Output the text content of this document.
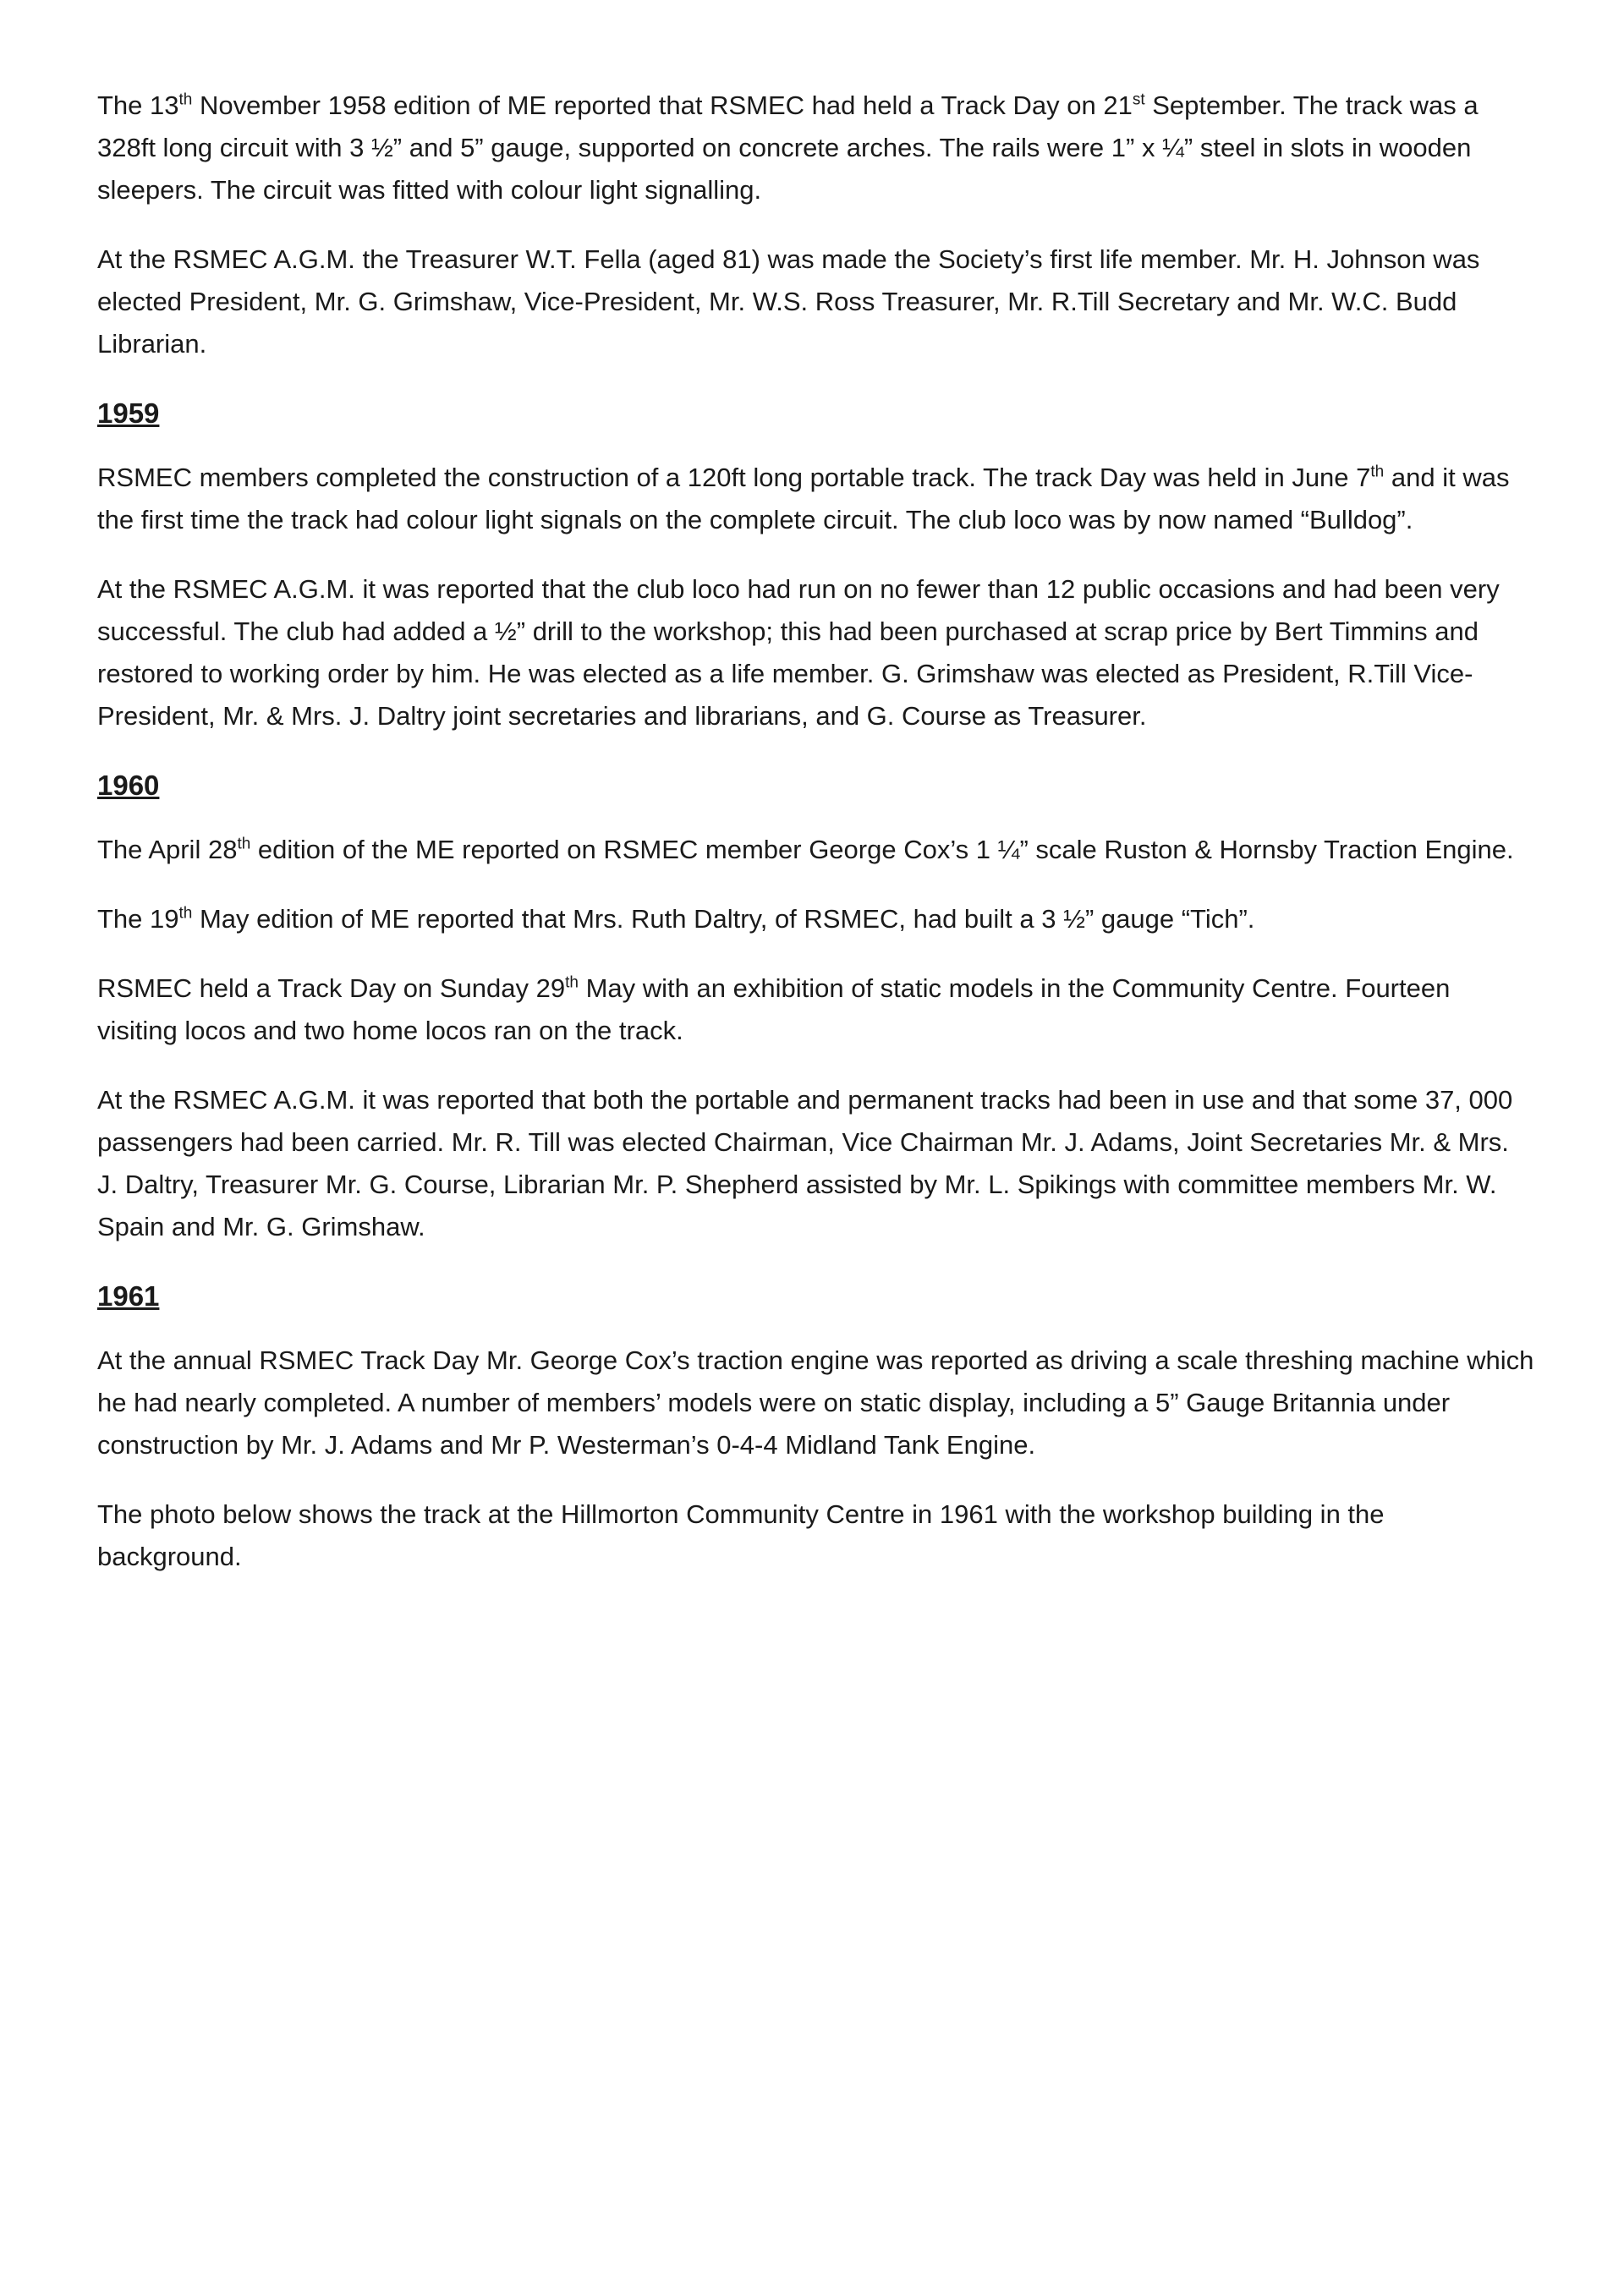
The 13th November 1958 edition of ME reported that RSMEC had held a Track Day on 21st September. The track was a 328ft long circuit with 3 ½” and 5” gauge, supported on concrete arches. The rails were 1” x ¼” steel in slots in wooden sleepers. The circuit was fitted with colour light signalling.

At the RSMEC A.G.M. the Treasurer W.T. Fella (aged 81) was made the Society’s first life member. Mr. H. Johnson was elected President, Mr. G. Grimshaw, Vice-President, Mr. W.S. Ross Treasurer, Mr. R.Till Secretary and Mr. W.C. Budd Librarian.

1959

RSMEC members completed the construction of a 120ft long portable track. The track Day was held in June 7th and it was the first time the track had colour light signals on the complete circuit. The club loco was by now named “Bulldog”.

At the RSMEC A.G.M. it was reported that the club loco had run on no fewer than 12 public occasions and had been very successful. The club had added a ½” drill to the workshop; this had been purchased at scrap price by Bert Timmins and restored to working order by him. He was elected as a life member. G. Grimshaw was elected as President, R.Till Vice-President, Mr. & Mrs. J. Daltry joint secretaries and librarians, and G. Course as Treasurer.

1960

The April 28th edition of the ME reported on RSMEC member George Cox’s 1 ¼” scale Ruston & Hornsby Traction Engine.

The 19th May edition of ME reported that Mrs. Ruth Daltry, of RSMEC, had built a 3 ½” gauge “Tich”.

RSMEC held a Track Day on Sunday 29th May with an exhibition of static models in the Community Centre. Fourteen visiting locos and two home locos ran on the track.

At the RSMEC A.G.M. it was reported that both the portable and permanent tracks had been in use and that some 37, 000 passengers had been carried. Mr. R. Till was elected Chairman, Vice Chairman Mr. J. Adams, Joint Secretaries Mr. & Mrs. J. Daltry, Treasurer Mr. G. Course, Librarian Mr. P. Shepherd assisted by Mr. L. Spikings with committee members Mr. W. Spain and Mr. G. Grimshaw.

1961

At the annual RSMEC Track Day Mr. George Cox’s traction engine was reported as driving a scale threshing machine which he had nearly completed. A number of members’ models were on static display, including a 5” Gauge Britannia under construction by Mr. J. Adams and Mr P. Westerman’s 0-4-4 Midland Tank Engine.

The photo below shows the track at the Hillmorton Community Centre in 1961 with the workshop building in the background.
